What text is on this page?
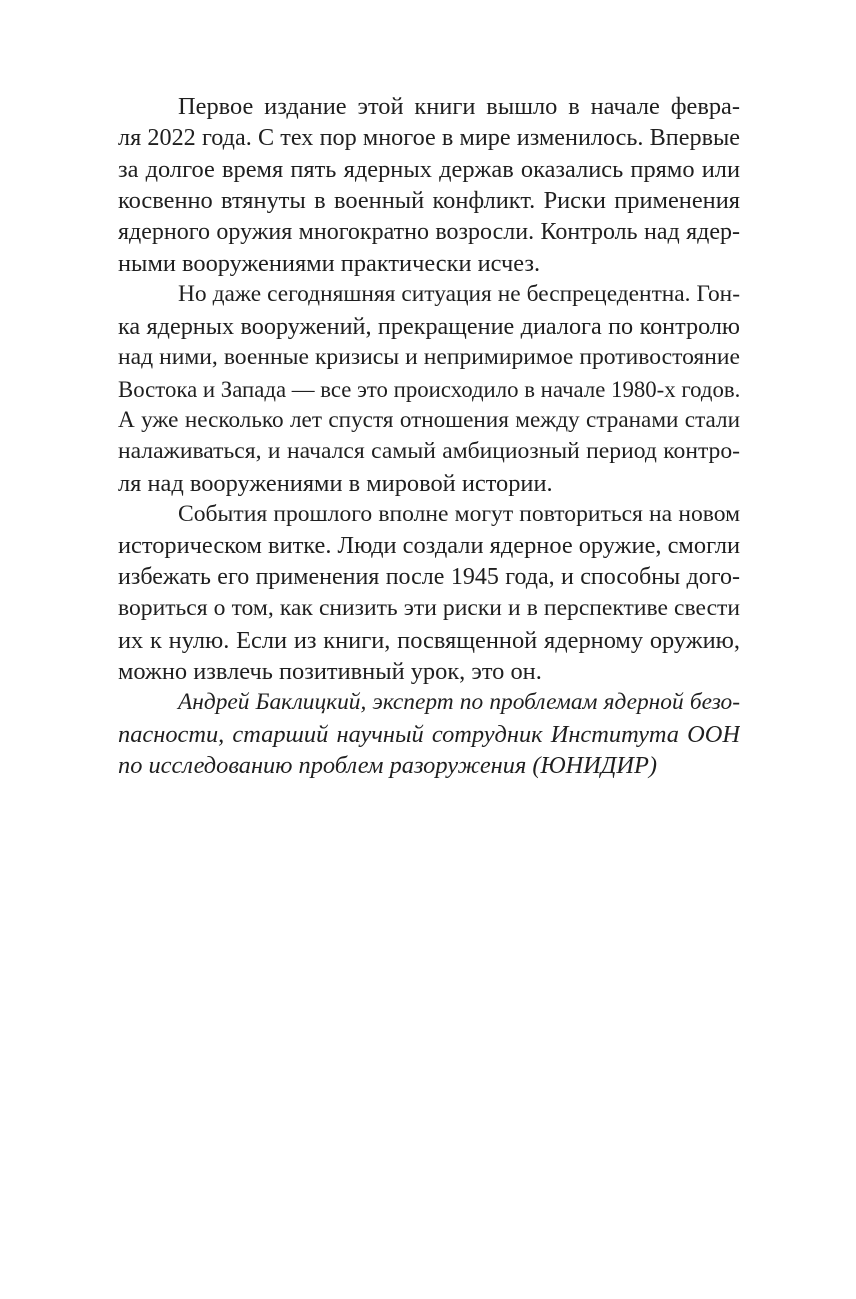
Первое издание этой книги вышло в начале февра-
ля 2022 года. С тех пор многое в мире изменилось. Впервые
за долгое время пять ядерных держав оказались прямо или
косвенно втянуты в военный конфликт. Риски применения
ядерного оружия многократно возросли. Контроль над ядер-
ными вооружениями практически исчез.
Но даже сегодняшняя ситуация не беспрецедентна. Гон-
ка ядерных вооружений, прекращение диалога по контролю
над ними, военные кризисы и непримиримое противостояние
Востока и Запада — все это происходило в начале 1980-х годов.
А уже несколько лет спустя отношения между странами стали
налаживаться, и начался самый амбициозный период контро-
ля над вооружениями в мировой истории.
События прошлого вполне могут повториться на новом
историческом витке. Люди создали ядерное оружие, смогли
избежать его применения после 1945 года, и способны дого-
вориться о том, как снизить эти риски и в перспективе свести
их к нулю. Если из книги, посвященной ядерному оружию,
можно извлечь позитивный урок, это он.
Андрей Баклицкий, эксперт по проблемам ядерной безо-
пасности, старший научный сотрудник Института ООН
по исследованию проблем разоружения (ЮНИДИР)
